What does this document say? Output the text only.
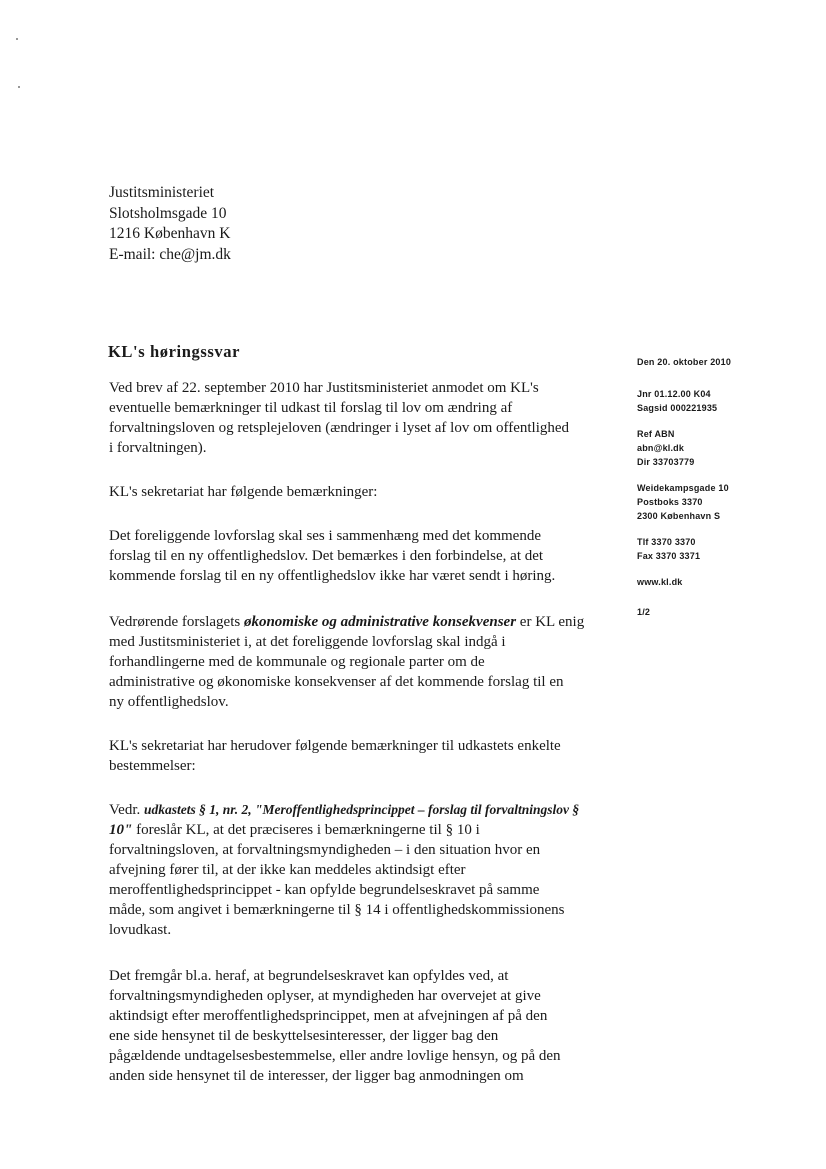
Justitsministeriet
Slotsholmsgade 10
1216 København K
E-mail: che@jm.dk
KL's høringssvar
Den 20. oktober 2010
Jnr 01.12.00 K04
Sagsid 000221935
Ref ABN
abn@kl.dk
Dir 33703779
Weidekampsgade 10
Postboks 3370
2300 København S
Tlf 3370 3370
Fax 3370 3371
www.kl.dk
1/2
Ved brev af 22. september 2010 har Justitsministeriet anmodet om KL's
eventuelle bemærkninger til udkast til forslag til lov om ændring af
forvaltningsloven og retsplejeloven (ændringer i lyset af lov om offentlighed
i forvaltningen).
KL's sekretariat har følgende bemærkninger:
Det foreliggende lovforslag skal ses i sammenhæng med det kommende
forslag til en ny offentlighedslov. Det bemærkes i den forbindelse, at det
kommende forslag til en ny offentlighedslov ikke har været sendt i høring.
Vedrørende forslagets økonomiske og administrative konsekvenser er KL enig
med Justitsministeriet i, at det foreliggende lovforslag skal indgå i
forhandlingerne med de kommunale og regionale parter om de
administrative og økonomiske konsekvenser af det kommende forslag til en
ny offentlighedslov.
KL's sekretariat har herudover følgende bemærkninger til udkastets enkelte
bestemmelser:
Vedr. udkastets § 1, nr. 2, "Meroffentlighedsprincippet – forslag til forvaltningslov §
10" foreslår KL, at det præciseres i bemærkningerne til § 10 i
forvaltningsloven, at forvaltningsmyndigheden – i den situation hvor en
afvejning fører til, at der ikke kan meddeles aktindsigt efter
meroffentlighedsprincippet - kan opfylde begrundelseskravet på samme
måde, som angivet i bemærkningerne til § 14 i offentlighedskommissionens
lovudkast.
Det fremgår bl.a. heraf, at begrundelseskravet kan opfyldes ved, at
forvaltningsmyndigheden oplyser, at myndigheden har overvejet at give
aktindsigt efter meroffentlighedsprincippet, men at afvejningen af på den
ene side hensynet til de beskyttelsesinteresser, der ligger bag den
pågældende undtagelsesbestemmelse, eller andre lovlige hensyn, og på den
anden side hensynet til de interesser, der ligger bag anmodningen om
